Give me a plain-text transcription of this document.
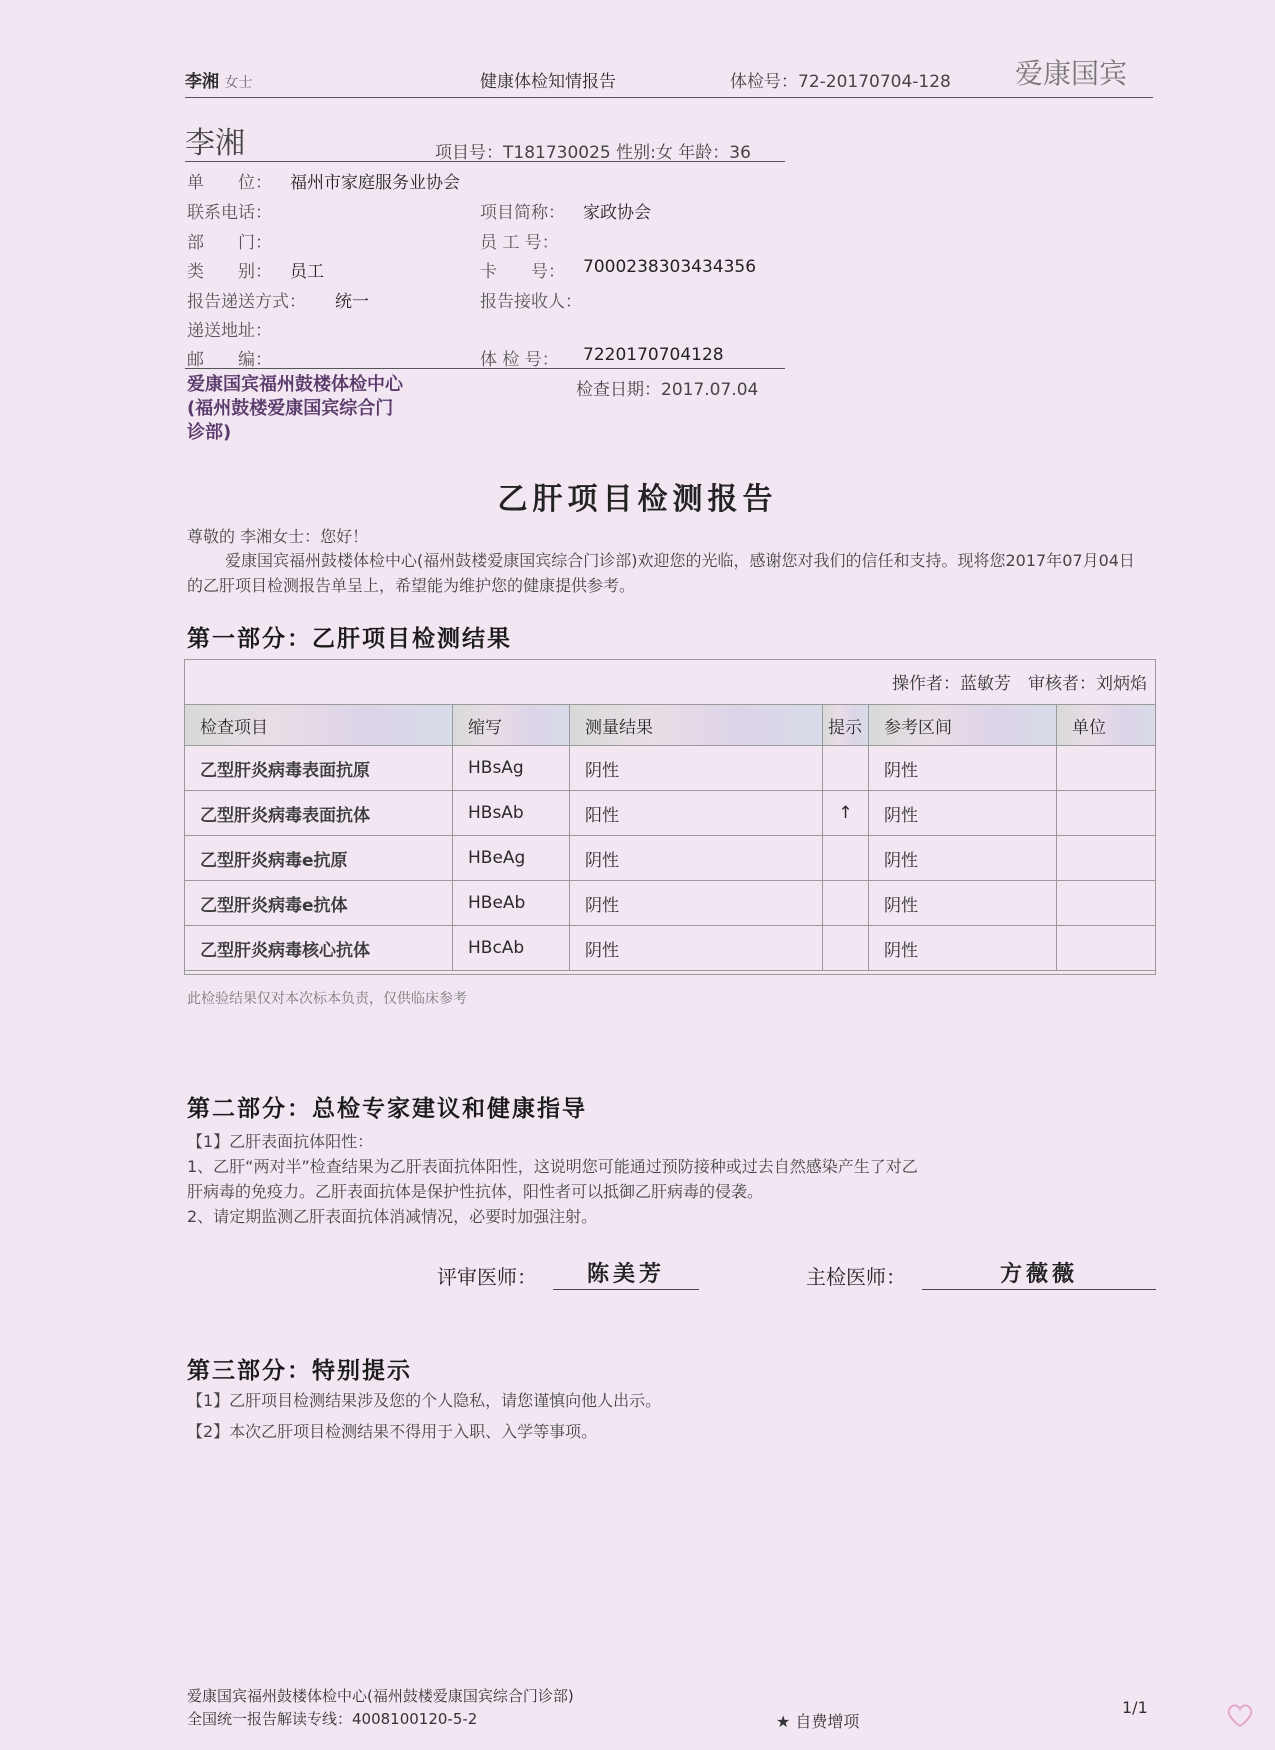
李湘 女士	健康体检知情报告	体检号：72-20170704-128 爱康国宾
李湘	项目号：T181730025 性别:女 年龄：36
单　　位： 福州市家庭服务业协会
联系电话：	项目简称： 家政协会
部　　门：	员 工 号：
类　　别： 员工	卡　　号： 7000238303434356
报告递送方式： 统一	报告接收人：
递送地址：
邮　　编：	体 检 号： 7220170704128
爱康国宾福州鼓楼体检中心
(福州鼓楼爱康国宾综合门
诊部)
检查日期：2017.07.04
乙肝项目检测报告
尊敬的 李湘女士：您好！
爱康国宾福州鼓楼体检中心(福州鼓楼爱康国宾综合门诊部)欢迎您的光临，感谢您对我们的信任和支持。现将您2017年07月04日的乙肝项目检测报告单呈上，希望能为维护您的健康提供参考。
第一部分：乙肝项目检测结果
操作者：蓝敏芳　审核者：刘炳焰
检查项目	缩写	测量结果	提示	参考区间	单位
乙型肝炎病毒表面抗原	HBsAg	阴性		阴性	
乙型肝炎病毒表面抗体	HBsAb	阳性	↑	阴性	
乙型肝炎病毒e抗原	HBeAg	阴性		阴性	
乙型肝炎病毒e抗体	HBeAb	阴性		阴性	
乙型肝炎病毒核心抗体	HBcAb	阴性		阴性	
此检验结果仅对本次标本负责，仅供临床参考
第二部分：总检专家建议和健康指导
【1】乙肝表面抗体阳性：
1、乙肝“两对半”检查结果为乙肝表面抗体阳性，这说明您可能通过预防接种或过去自然感染产生了对乙
肝病毒的免疫力。乙肝表面抗体是保护性抗体，阳性者可以抵御乙肝病毒的侵袭。
2、请定期监测乙肝表面抗体消减情况，必要时加强注射。
评审医师：	陈美芳	主检医师：	方薇薇
第三部分：特别提示
【1】乙肝项目检测结果涉及您的个人隐私，请您谨慎向他人出示。
【2】本次乙肝项目检测结果不得用于入职、入学等事项。
爱康国宾福州鼓楼体检中心(福州鼓楼爱康国宾综合门诊部)
全国统一报告解读专线：4008100120-5-2	★ 自费增项
1/1
